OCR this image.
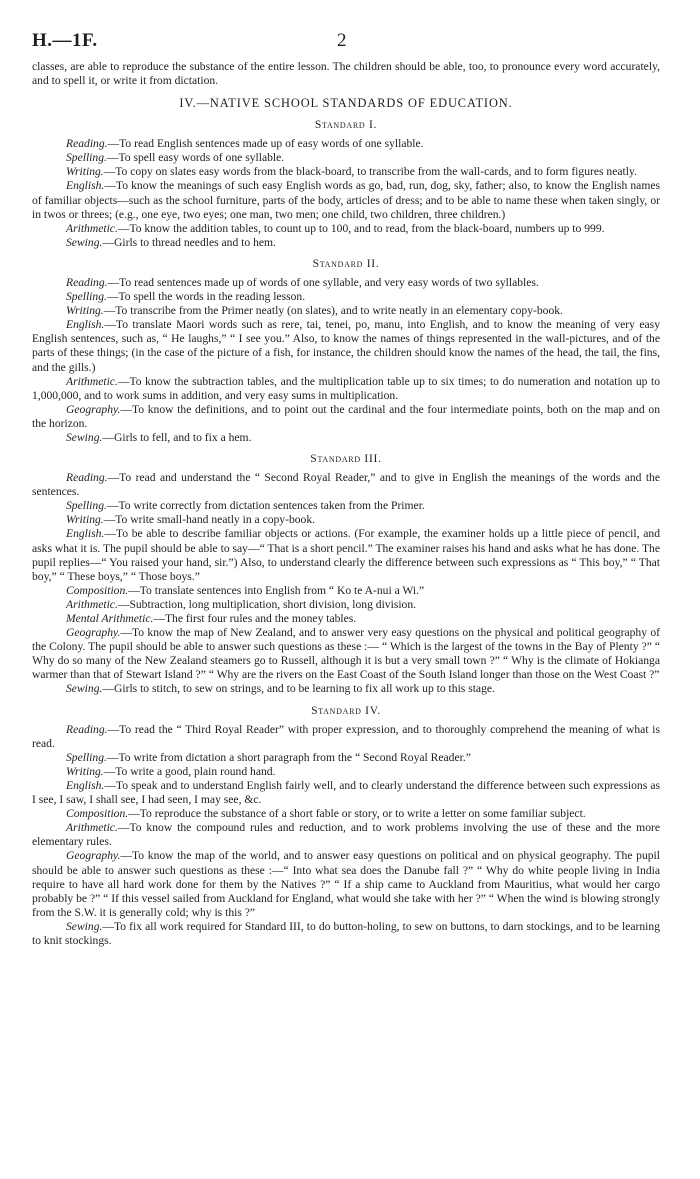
H.—1F.	2

classes, are able to reproduce the substance of the entire lesson. The children should be able, too, to pronounce every word accurately, and to spell it, or write it from dictation.

IV.—NATIVE SCHOOL STANDARDS OF EDUCATION.
Standard I.

Reading.—To read English sentences made up of easy words of one syllable.

Spelling.—To spell easy words of one syllable.

Writing.—To copy on slates easy words from the black-board, to transcribe from the wall-cards, and to form figures neatly.

English.—To know the meanings of such easy English words as go, bad, run, dog, sky, father; also, to know the English names of familiar objects—such as the school furniture, parts of the body, articles of dress; and to be able to name these when taken singly, or in twos or threes; (e.g., one eye, two eyes; one man, two men; one child, two children, three children.)

Arithmetic.—To know the addition tables, to count up to 100, and to read, from the black-board, numbers up to 999.

Sewing.—Girls to thread needles and to hem.

Standard II.

Reading.—To read sentences made up of words of one syllable, and very easy words of two syllables.

Spelling.—To spell the words in the reading lesson.

Writing.—To transcribe from the Primer neatly (on slates), and to write neatly in an elementary copy-book.

English.—To translate Maori words such as rere, tai, tenei, po, manu, into English, and to know the meaning of very easy English sentences, such as, “ He laughs,” “ I see you.” Also, to know the names of things represented in the wall-pictures, and of the parts of these things; (in the case of the picture of a fish, for instance, the children should know the names of the head, the tail, the fins, and the gills.)

Arithmetic.—To know the subtraction tables, and the multiplication table up to six times; to do numeration and notation up to 1,000,000, and to work sums in addition, and very easy sums in multiplication.

Geography.—To know the definitions, and to point out the cardinal and the four intermediate points, both on the map and on the horizon.

Sewing.—Girls to fell, and to fix a hem.

Standard III.

Reading.—To read and understand the “ Second Royal Reader,” and to give in English the meanings of the words and the sentences.

Spelling.—To write correctly from dictation sentences taken from the Primer.

Writing.—To write small-hand neatly in a copy-book.

English.—To be able to describe familiar objects or actions. (For example, the examiner holds up a little piece of pencil, and asks what it is. The pupil should be able to say—“ That is a short pencil.” The examiner raises his hand and asks what he has done. The pupil replies—“ You raised your hand, sir.”) Also, to understand clearly the difference between such expressions as “ This boy,” “ That boy,” “ These boys,” “ Those boys.”

Composition.—To translate sentences into English from “ Ko te A-nui a Wi.”

Arithmetic.—Subtraction, long multiplication, short division, long division.

Mental Arithmetic.—The first four rules and the money tables.

Geography.—To know the map of New Zealand, and to answer very easy questions on the physical and political geography of the Colony. The pupil should be able to answer such questions as these :— “ Which is the largest of the towns in the Bay of Plenty ?” “ Why do so many of the New Zealand steamers go to Russell, although it is but a very small town ?” “ Why is the climate of Hokianga warmer than that of Stewart Island ?” “ Why are the rivers on the East Coast of the South Island longer than those on the West Coast ?”

Sewing.—Girls to stitch, to sew on strings, and to be learning to fix all work up to this stage.

Standard IV.

Reading.—To read the “ Third Royal Reader” with proper expression, and to thoroughly comprehend the meaning of what is read.

Spelling.—To write from dictation a short paragraph from the “ Second Royal Reader.”

Writing.—To write a good, plain round hand.

English.—To speak and to understand English fairly well, and to clearly understand the difference between such expressions as I see, I saw, I shall see, I had seen, I may see, &c.

Composition.—To reproduce the substance of a short fable or story, or to write a letter on some familiar subject.

Arithmetic.—To know the compound rules and reduction, and to work problems involving the use of these and the more elementary rules.

Geography.—To know the map of the world, and to answer easy questions on political and on physical geography. The pupil should be able to answer such questions as these :—“ Into what sea does the Danube fall ?” “ Why do white people living in India require to have all hard work done for them by the Natives ?” “ If a ship came to Auckland from Mauritius, what would her cargo probably be ?” “ If this vessel sailed from Auckland for England, what would she take with her ?” “ When the wind is blowing strongly from the S.W. it is generally cold; why is this ?”

Sewing.—To fix all work required for Standard III, to do button-holing, to sew on buttons, to darn stockings, and to be learning to knit stockings.
